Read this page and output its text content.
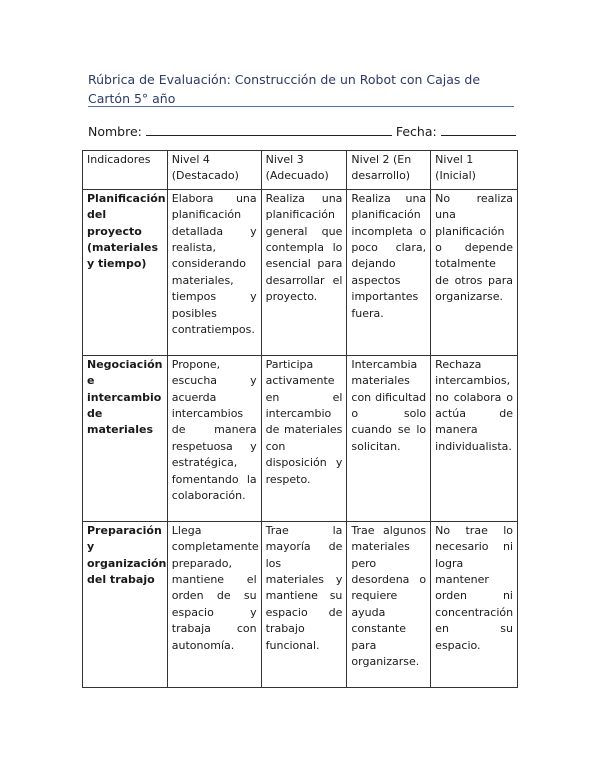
Rúbrica de Evaluación: Construcción de un Robot con Cajas de Cartón 5° año
Nombre:	Fecha:
Indicadores	Nivel 4 (Destacado)	Nivel 3 (Adecuado)	Nivel 2 (En desarrollo)	Nivel 1 (Inicial)
Planificación del proyecto (materiales y tiempo)	Elabora una planificación detallada y realista, considerando materiales, tiempos y posibles contratiempos.	Realiza una planificación general que contempla lo esencial para desarrollar el proyecto.	Realiza una planificación incompleta o poco clara, dejando aspectos importantes fuera.	No realiza una planificación o depende totalmente de otros para organizarse.
Negociación e intercambio de materiales	Propone, escucha y acuerda intercambios de manera respetuosa y estratégica, fomentando la colaboración.	Participa activamente en el intercambio de materiales con disposición y respeto.	Intercambia materiales con dificultad o solo cuando se lo solicitan.	Rechaza intercambios, no colabora o actúa de manera individualista.
Preparación y organización del trabajo	Llega completamente preparado, mantiene el orden de su espacio y trabaja con autonomía.	Trae la mayoría de los materiales y mantiene su espacio de trabajo funcional.	Trae algunos materiales pero desordena o requiere ayuda constante para organizarse.	No trae lo necesario ni logra mantener orden ni concentración en su espacio.
